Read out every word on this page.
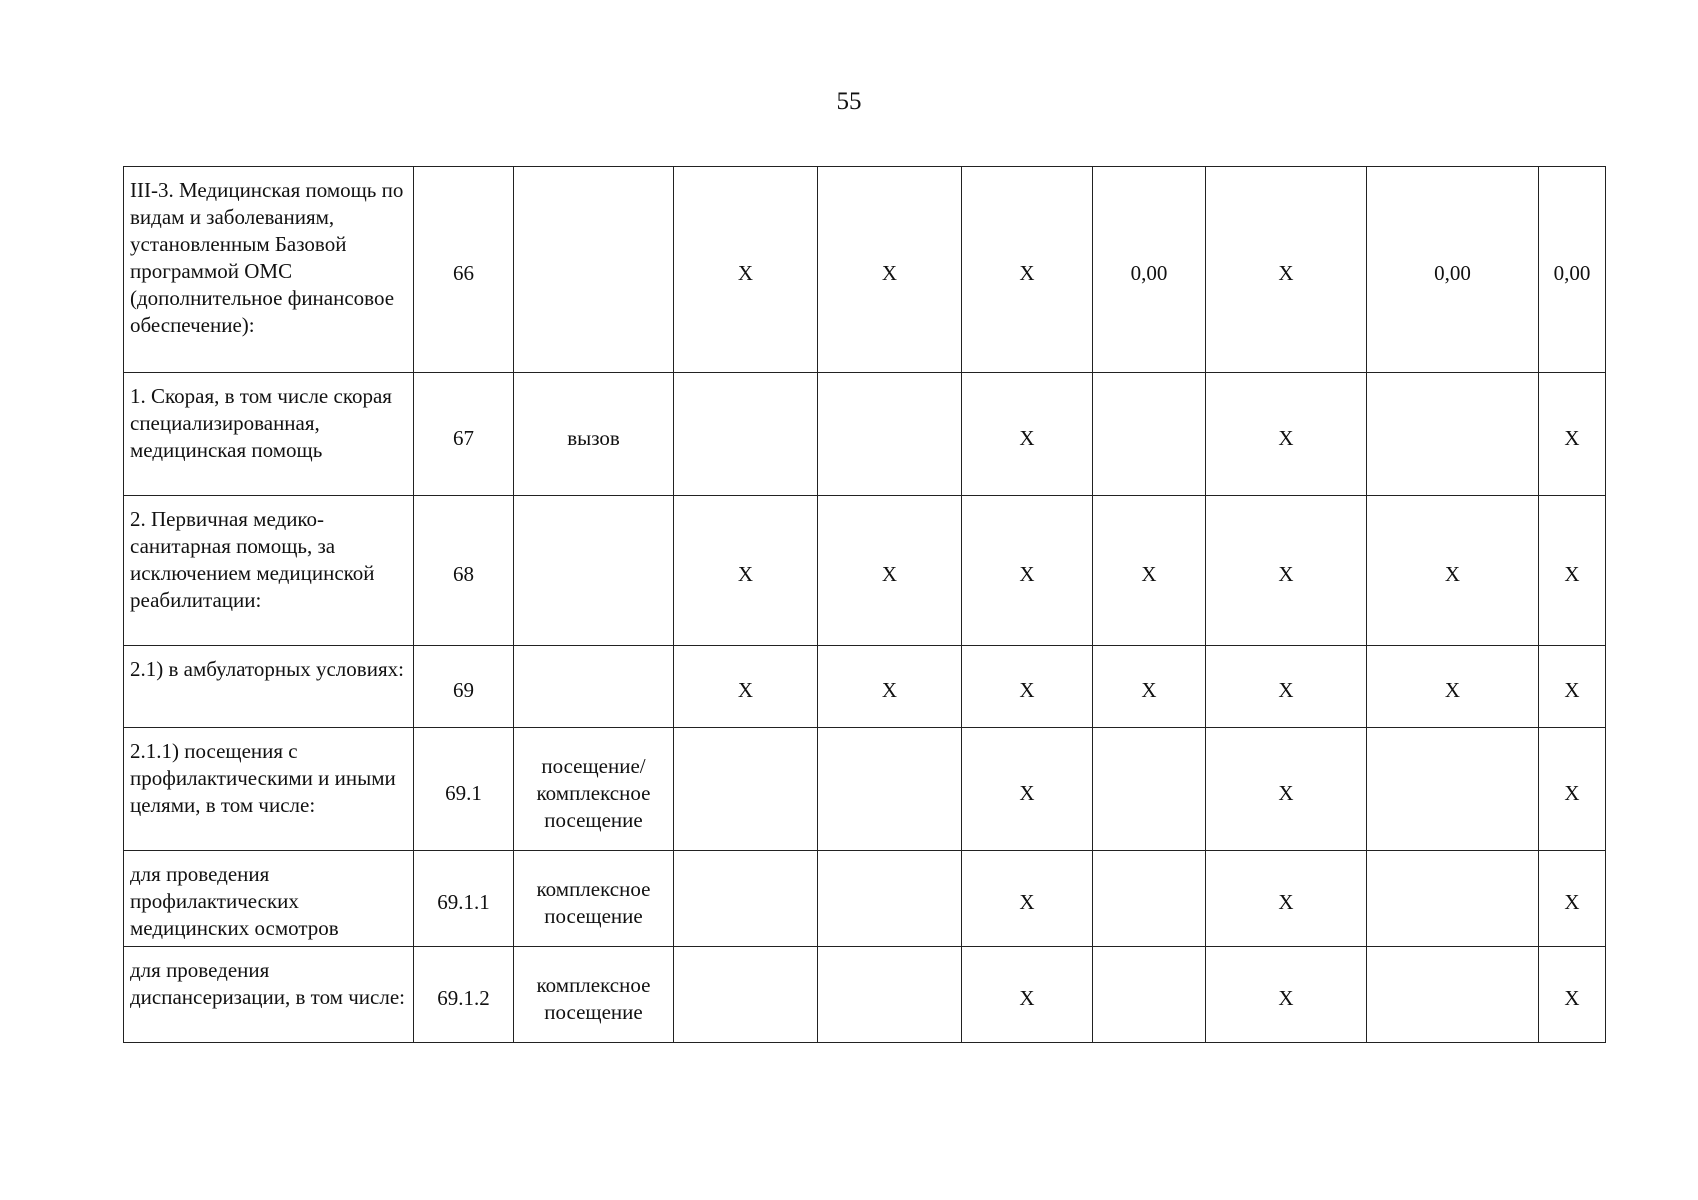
55
III-3. Медицинская помощь по видам и заболеваниям, установленным Базовой программой ОМС (дополнительное финансовое обеспечение):	66		X	X	X	0,00	X	0,00	0,00
1. Скорая, в том числе скорая специализированная, медицинская помощь	67	вызов			X		X		X
2. Первичная медико-санитарная помощь, за исключением медицинской реабилитации:	68		X	X	X	X	X	X	X
2.1) в амбулаторных условиях:	69		X	X	X	X	X	X	X
2.1.1) посещения с профилактическими и иными целями, в том числе:	69.1	посещение/ комплексное посещение			X		X		X
для проведения профилактических медицинских осмотров	69.1.1	комплексное посещение			X		X		X
для проведения диспансеризации, в том числе:	69.1.2	комплексное посещение			X		X		X
